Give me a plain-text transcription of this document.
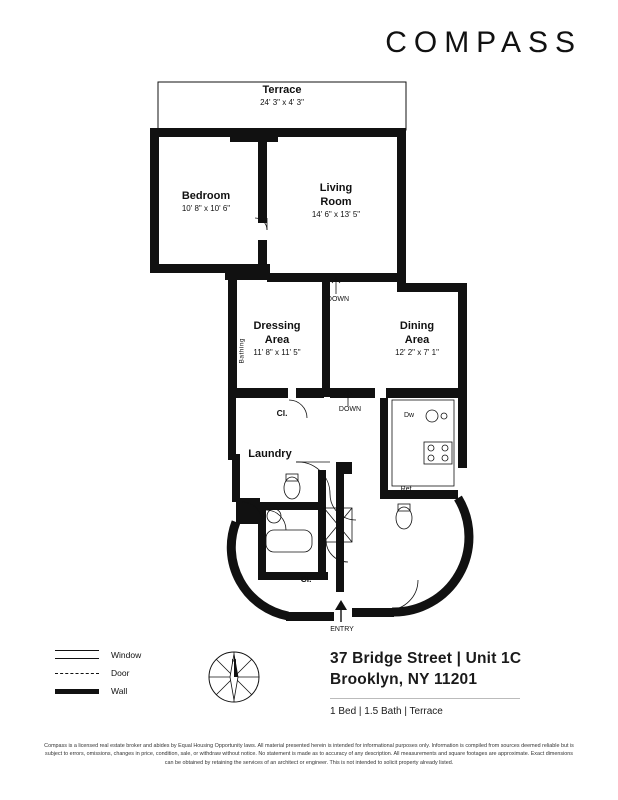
COMPASS
Terrace
24' 3" x 4' 3"
Bedroom
10' 8" x 10' 6"
Living
Room
14' 6" x 13' 5"
Dressing
Area
11' 8" x 11' 5"
Dining
Area
12' 2" x 7' 1"
Laundry
DOWN
DOWN
Cl.
Cl.
Dw
Ref.
Bathing
ENTRY
Window
Door
Wall
N	37 Bridge Street | Unit 1C
Brooklyn, NY 11201
1 Bed | 1.5 Bath | Terrace
Compass is a licensed real estate broker and abides by Equal Housing Opportunity laws. All material presented herein is intended for informational purposes only. Information is compiled from sources deemed reliable but is subject to errors, omissions, changes in price, condition, sale, or withdraw without notice. No statement is made as to accuracy of any description. All measurements and square footages are approximate. Exact dimensions can be obtained by retaining the services of an architect or engineer. This is not intended to solicit property already listed.
